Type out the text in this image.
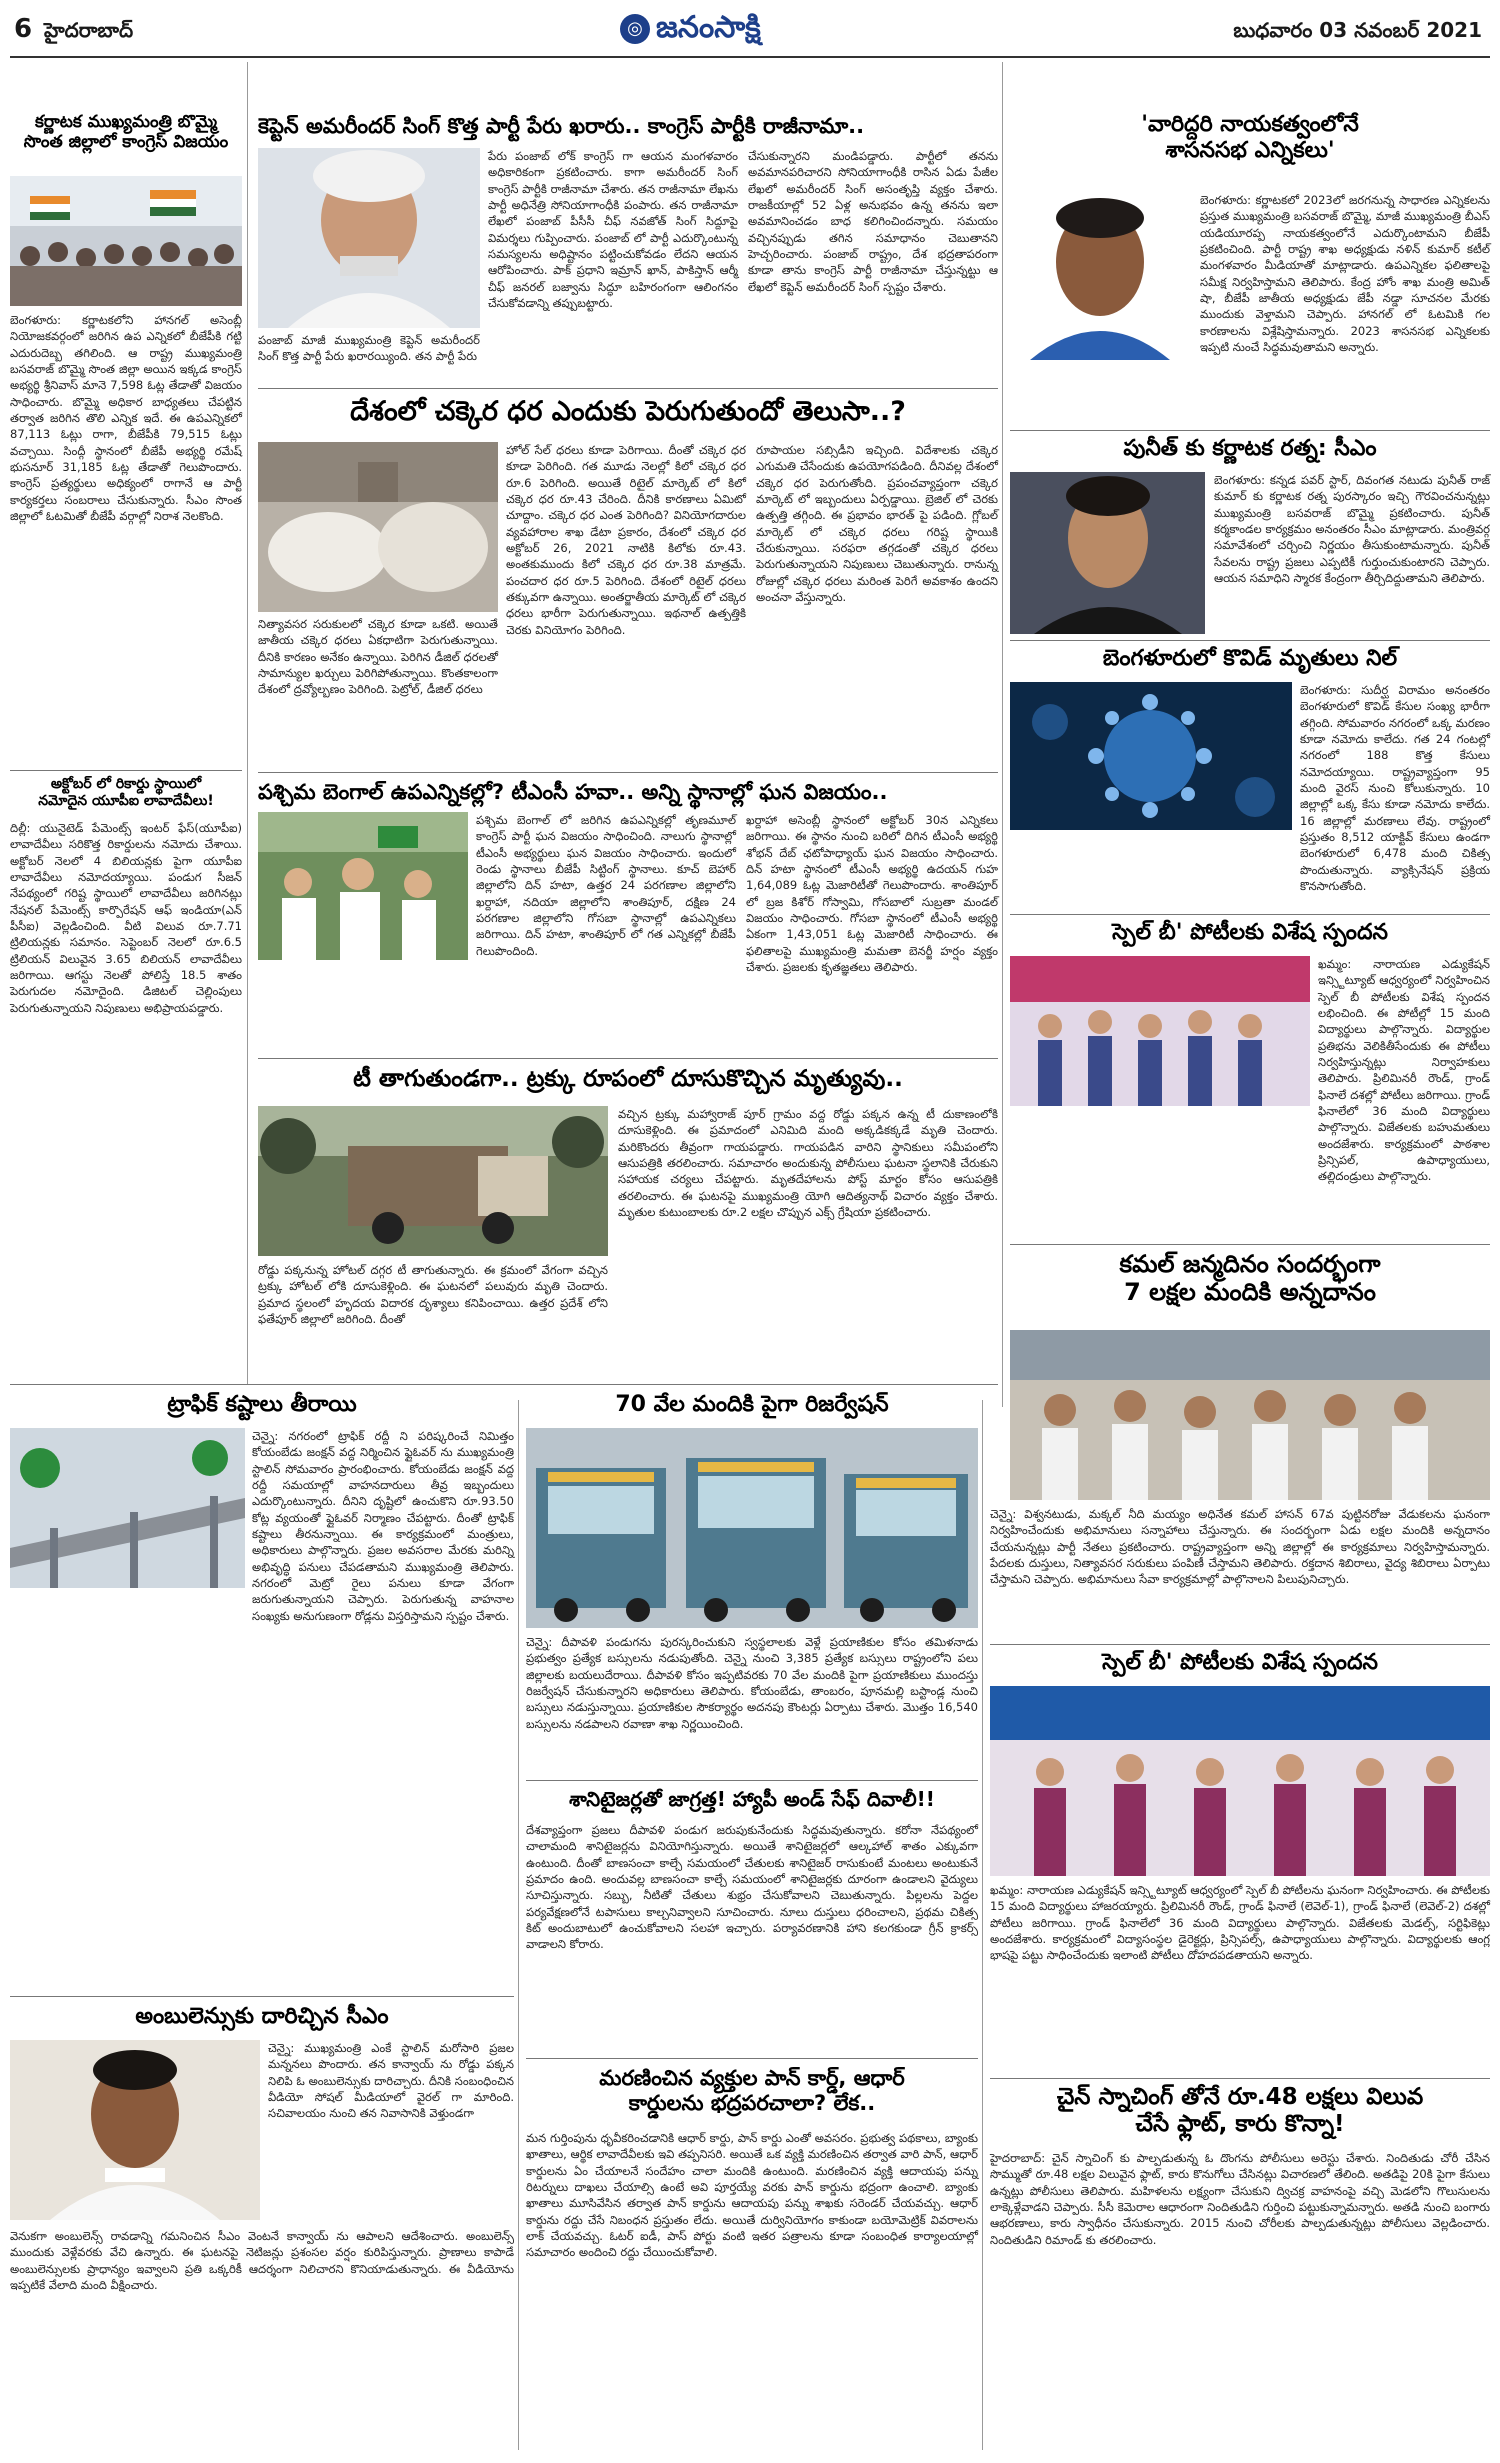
6 హైదరాబాద్	◎ జనంసాక్షి	బుధవారం 03 నవంబర్ 2021
కర్ణాటక ముఖ్యమంత్రి బొమ్మై
సొంత జిల్లాలో కాంగ్రెస్ విజయం
బెంగళూరు: కర్ణాటకలోని హానగల్ అసెంబ్లీ నియోజకవర్గంలో జరిగిన ఉప ఎన్నికలో బీజేపీకి గట్టి ఎదురుదెబ్బ తగిలింది. ఆ రాష్ట్ర ముఖ్యమంత్రి బసవరాజ్ బొమ్మై సొంత జిల్లా అయిన ఇక్కడ కాంగ్రెస్ అభ్యర్థి శ్రీనివాస్ మానె 7,598 ఓట్ల తేడాతో విజయం సాధించారు. బొమ్మై అధికార బాధ్యతలు చేపట్టిన తర్వాత జరిగిన తొలి ఎన్నిక ఇదే. ఈ ఉపఎన్నికలో 87,113 ఓట్లు రాగా, బీజేపీకి 79,515 ఓట్లు వచ్చాయి. సింద్గీ స్థానంలో బీజేపీ అభ్యర్థి రమేష్ భుసనూర్ 31,185 ఓట్ల తేడాతో గెలుపొందారు. కాంగ్రెస్ ప్రత్యర్థులు అధిక్యంలో రాగానే ఆ పార్టీ కార్యకర్తలు సంబరాలు చేసుకున్నారు. సీఎం సొంత జిల్లాలో ఓటమితో బీజేపీ వర్గాల్లో నిరాశ నెలకొంది.
అక్టోబర్ లో రికార్డు స్థాయిలో
నమోదైన యూపీఐ లావాదేవీలు!
దిల్లీ: యునైటెడ్ పేమెంట్స్ ఇంటర్ ఫేస్(యూపీఐ) లావాదేవీలు సరికొత్త రికార్డులను నమోదు చేశాయి. అక్టోబర్ నెలలో 4 బిలియన్లకు పైగా యూపీఐ లావాదేవీలు నమోదయ్యాయి. పండుగ సీజన్ నేపథ్యంలో గరిష్ట స్థాయిలో లావాదేవీలు జరిగినట్లు నేషనల్ పేమెంట్స్ కార్పొరేషన్ ఆఫ్ ఇండియా(ఎన్ పీసీఐ) వెల్లడించింది. వీటి విలువ రూ.7.71 ట్రిలియన్లకు సమానం. సెప్టెంబర్ నెలలో రూ.6.5 ట్రిలియన్ విలువైన 3.65 బిలియన్ లావాదేవీలు జరిగాయి. ఆగస్టు నెలతో పోలిస్తే 18.5 శాతం పెరుగుదల నమోదైంది. డిజిటల్ చెల్లింపులు పెరుగుతున్నాయని నిపుణులు అభిప్రాయపడ్డారు.
కెప్టెన్ అమరీందర్ సింగ్ కొత్త పార్టీ పేరు ఖరారు.. కాంగ్రెస్ పార్టీకి రాజీనామా..
పంజాబ్ మాజీ ముఖ్యమంత్రి కెప్టెన్ అమరీందర్ సింగ్ కొత్త పార్టీ పేరు ఖరారయ్యింది. తన పార్టీ పేరు
పేరు పంజాబ్ లోక్ కాంగ్రెస్ గా ఆయన మంగళవారం అధికారికంగా ప్రకటించారు. కాగా అమరీందర్ సింగ్ కాంగ్రెస్ పార్టీకి రాజీనామా చేశారు. తన రాజీనామా లేఖను పార్టీ అధినేత్రి సోనియాగాంధీకి పంపారు. తన రాజీనామా లేఖలో పంజాబ్ పీసీసీ చీఫ్ నవజోత్ సింగ్ సిద్దూపై విమర్శలు గుప్పించారు. పంజాబ్ లో పార్టీ ఎదుర్కొంటున్న సమస్యలను అధిష్టానం పట్టించుకోవడం లేదని ఆయన ఆరోపించారు. పాక్ ప్రధాని ఇమ్రాన్ ఖాన్, పాకిస్తాన్ ఆర్మీ చీఫ్ జనరల్ బజ్వాను సిద్ధూ బహిరంగంగా ఆలింగనం చేసుకోవడాన్ని తప్పుబట్టారు.
చేసుకున్నారని మండిపడ్డారు. పార్టీలో తనను అవమానపరిచారని సోనియాగాంధీకి రాసిన ఏడు పేజీల లేఖలో అమరీందర్ సింగ్ అసంతృప్తి వ్యక్తం చేశారు. రాజకీయాల్లో 52 ఏళ్ల అనుభవం ఉన్న తనను ఇలా అవమానించడం బాధ కలిగించిందన్నారు. సమయం వచ్చినప్పుడు తగిన సమాధానం చెబుతానని హెచ్చరించారు. పంజాబ్ రాష్ట్రం, దేశ భద్రతాపరంగా కూడా తాను కాంగ్రెస్ పార్టీ రాజీనామా చేస్తున్నట్టు ఆ లేఖలో కెప్టెన్ అమరీందర్ సింగ్ స్పష్టం చేశారు.
దేశంలో చక్కెర ధర ఎందుకు పెరుగుతుందో తెలుసా..?
నిత్యావసర సరుకులలో చక్కెర కూడా ఒకటి. అయితే జాతీయ చక్కెర ధరలు ఏకధాటిగా పెరుగుతున్నాయి. దీనికి కారణం అనేకం ఉన్నాయి. పెరిగిన డీజిల్ ధరలతో సామాన్యుల ఖర్చులు పెరిగిపోతున్నాయి. కొంతకాలంగా దేశంలో ద్రవ్యోల్బణం పెరిగింది. పెట్రోల్, డీజిల్ ధరలు
హోల్ సేల్ ధరలు కూడా పెరిగాయి. దీంతో చక్కెర ధర కూడా పెరిగింది. గత మూడు నెలల్లో కిలో చక్కెర ధర రూ.6 పెరిగింది. అయితే రిటైల్ మార్కెట్ లో కిలో చక్కెర ధర రూ.43 చేరింది. దీనికి కారణాలు ఏమిటో చూద్దాం. చక్కెర ధర ఎంత పెరిగింది? వినియోగదారుల వ్యవహారాల శాఖ డేటా ప్రకారం, దేశంలో చక్కెర ధర అక్టోబర్ 26, 2021 నాటికి కిలోకు రూ.43. అంతకుముందు కిలో చక్కెర ధర రూ.38 మాత్రమే. పంచదార ధర రూ.5 పెరిగింది. దేశంలో రిటైల్ ధరలు తక్కువగా ఉన్నాయి. అంతర్జాతీయ మార్కెట్ లో చక్కెర ధరలు భారీగా పెరుగుతున్నాయి. ఇథనాల్ ఉత్పత్తికి చెరకు వినియోగం పెరిగింది.
రూపాయల సబ్సిడీని ఇచ్చింది. విదేశాలకు చక్కెర ఎగుమతి చేసేందుకు ఉపయోగపడింది. దీనివల్ల దేశంలో చక్కెర ధర పెరుగుతోంది. ప్రపంచవ్యాప్తంగా చక్కెర మార్కెట్ లో ఇబ్బందులు ఏర్పడ్డాయి. బ్రెజిల్ లో చెరకు ఉత్పత్తి తగ్గింది. ఈ ప్రభావం భారత్ పై పడింది. గ్లోబల్ మార్కెట్ లో చక్కెర ధరలు గరిష్ట స్థాయికి చేరుకున్నాయి. సరఫరా తగ్గడంతో చక్కెర ధరలు పెరుగుతున్నాయని నిపుణులు చెబుతున్నారు. రానున్న రోజుల్లో చక్కెర ధరలు మరింత పెరిగే అవకాశం ఉందని అంచనా వేస్తున్నారు.
పశ్చిమ బెంగాల్ ఉపఎన్నికల్లో? టీఎంసీ హవా.. అన్ని స్థానాల్లో ఘన విజయం..
పశ్చిమ బెంగాల్ లో జరిగిన ఉపఎన్నికల్లో తృణమూల్ కాంగ్రెస్ పార్టీ ఘన విజయం సాధించింది. నాలుగు స్థానాల్లో టీఎంసీ అభ్యర్థులు ఘన విజయం సాధించారు. ఇందులో రెండు స్థానాలు బీజేపీ సిట్టింగ్ స్థానాలు. కూచ్ బెహార్ జిల్లాలోని దిన్ హటా, ఉత్తర 24 పరగణాల జిల్లాలోని ఖర్దాహా, నదియా జిల్లాలోని శాంతిపూర్, దక్షిణ 24 పరగణాల జిల్లాలోని గోసబా స్థానాల్లో ఉపఎన్నికలు జరిగాయి. దిన్ హటా, శాంతిపూర్ లో గత ఎన్నికల్లో బీజేపీ గెలుపొందింది.
ఖర్దాహా అసెంబ్లీ స్థానంలో అక్టోబర్ 30న ఎన్నికలు జరిగాయి. ఈ స్థానం నుంచి బరిలో దిగిన టీఎంసీ అభ్యర్థి శోభన్ దేబ్ ఛటోపాధ్యాయ్ ఘన విజయం సాధించారు. దిన్ హటా స్థానంలో టీఎంసీ అభ్యర్థి ఉదయన్ గుహ 1,64,089 ఓట్ల మెజారిటీతో గెలుపొందారు. శాంతిపూర్ లో బ్రజ కిశోర్ గోస్వామి, గోసబాలో సుబ్రతా మండల్ విజయం సాధించారు. గోసబా స్థానంలో టీఎంసీ అభ్యర్థి ఏకంగా 1,43,051 ఓట్ల మెజారిటీ సాధించారు. ఈ ఫలితాలపై ముఖ్యమంత్రి మమతా బెనర్జీ హర్షం వ్యక్తం చేశారు. ప్రజలకు కృతజ్ఞతలు తెలిపారు.
టీ తాగుతుండగా.. ట్రక్కు రూపంలో దూసుకొచ్చిన మృత్యువు..
రోడ్డు పక్కనున్న హోటల్ దగ్గర టీ తాగుతున్నారు. ఈ క్రమంలో వేగంగా వచ్చిన ట్రక్కు హోటల్ లోకి దూసుకెళ్లింది. ఈ ఘటనలో పలువురు మృతి చెందారు. ప్రమాద స్థలంలో హృదయ విదారక దృశ్యాలు కనిపించాయి. ఉత్తర ప్రదేశ్ లోని ఫతేపూర్ జిల్లాలో జరిగింది. దీంతో
వచ్చిన ట్రక్కు మహ్వారాజ్ పూర్ గ్రామం వద్ద రోడ్డు పక్కన ఉన్న టీ దుకాణంలోకి దూసుకెళ్లింది. ఈ ప్రమాదంలో ఎనిమిది మంది అక్కడికక్కడే మృతి చెందారు. మరికొందరు తీవ్రంగా గాయపడ్డారు. గాయపడిన వారిని స్థానికులు సమీపంలోని ఆసుపత్రికి తరలించారు. సమాచారం అందుకున్న పోలీసులు ఘటనా స్థలానికి చేరుకుని సహాయక చర్యలు చేపట్టారు. మృతదేహాలను పోస్ట్ మార్టం కోసం ఆసుపత్రికి తరలించారు. ఈ ఘటనపై ముఖ్యమంత్రి యోగి ఆదిత్యనాథ్ విచారం వ్యక్తం చేశారు. మృతుల కుటుంబాలకు రూ.2 లక్షల చొప్పున ఎక్స్ గ్రేషియా ప్రకటించారు.
'వారిద్దరి నాయకత్వంలోనే
శాసనసభ ఎన్నికలు'
బెంగళూరు: కర్ణాటకలో 2023లో జరగనున్న సాధారణ ఎన్నికలను ప్రస్తుత ముఖ్యమంత్రి బసవరాజ్ బొమ్మై, మాజీ ముఖ్యమంత్రి బీఎస్ యడియూరప్ప నాయకత్వంలోనే ఎదుర్కొంటామని బీజేపీ ప్రకటించింది. పార్టీ రాష్ట్ర శాఖ అధ్యక్షుడు నళిన్ కుమార్ కటీల్ మంగళవారం మీడియాతో మాట్లాడారు. ఉపఎన్నికల ఫలితాలపై సమీక్ష నిర్వహిస్తామని తెలిపారు. కేంద్ర హోం శాఖ మంత్రి అమిత్ షా, బీజేపీ జాతీయ అధ్యక్షుడు జేపీ నడ్డా సూచనల మేరకు ముందుకు వెళ్తామని చెప్పారు. హానగల్ లో ఓటమికి గల కారణాలను విశ్లేషిస్తామన్నారు. 2023 శాసనసభ ఎన్నికలకు ఇప్పటి నుంచే సిద్ధమవుతామని అన్నారు.
పునీత్ కు కర్ణాటక రత్న: సీఎం
బెంగళూరు: కన్నడ పవర్ స్టార్, దివంగత నటుడు పునీత్ రాజ్ కుమార్ కు కర్ణాటక రత్న పురస్కారం ఇచ్చి గౌరవించనున్నట్లు ముఖ్యమంత్రి బసవరాజ్ బొమ్మై ప్రకటించారు. పునీత్ కర్మకాండల కార్యక్రమం అనంతరం సీఎం మాట్లాడారు. మంత్రివర్గ సమావేశంలో చర్చించి నిర్ణయం తీసుకుంటామన్నారు. పునీత్ సేవలను రాష్ట్ర ప్రజలు ఎప్పటికీ గుర్తుంచుకుంటారని చెప్పారు. ఆయన సమాధిని స్మారక కేంద్రంగా తీర్చిదిద్దుతామని తెలిపారు.
బెంగళూరులో కొవిడ్ మృతులు నిల్
బెంగళూరు: సుదీర్ఘ విరామం అనంతరం బెంగళూరులో కొవిడ్ కేసుల సంఖ్య భారీగా తగ్గింది. సోమవారం నగరంలో ఒక్క మరణం కూడా నమోదు కాలేదు. గత 24 గంటల్లో నగరంలో 188 కొత్త కేసులు నమోదయ్యాయి. రాష్ట్రవ్యాప్తంగా 95 మంది వైరస్ నుంచి కోలుకున్నారు. 10 జిల్లాల్లో ఒక్క కేసు కూడా నమోదు కాలేదు. 16 జిల్లాల్లో మరణాలు లేవు. రాష్ట్రంలో ప్రస్తుతం 8,512 యాక్టివ్ కేసులు ఉండగా బెంగళూరులో 6,478 మంది చికిత్స పొందుతున్నారు. వ్యాక్సినేషన్ ప్రక్రియ కొనసాగుతోంది.
స్పెల్ బీ' పోటీలకు విశేష స్పందన
ఖమ్మం: నారాయణ ఎడ్యుకేషన్ ఇన్స్టిట్యూట్ ఆధ్వర్యంలో నిర్వహించిన స్పెల్ బీ పోటీలకు విశేష స్పందన లభించింది. ఈ పోటీల్లో 15 మంది విద్యార్థులు పాల్గొన్నారు. విద్యార్థుల ప్రతిభను వెలికితీసేందుకు ఈ పోటీలు నిర్వహిస్తున్నట్లు నిర్వాహకులు తెలిపారు. ప్రిలిమినరీ రౌండ్, గ్రాండ్ ఫినాలే దశల్లో పోటీలు జరిగాయి. గ్రాండ్ ఫినాలేలో 36 మంది విద్యార్థులు పాల్గొన్నారు. విజేతలకు బహుమతులు అందజేశారు. కార్యక్రమంలో పాఠశాల ప్రిన్సిపల్, ఉపాధ్యాయులు, తల్లిదండ్రులు పాల్గొన్నారు.
కమల్ జన్మదినం సందర్భంగా
7 లక్షల మందికి అన్నదానం
ట్రాఫిక్ కష్టాలు తీరాయి
చెన్నై: నగరంలో ట్రాఫిక్ రద్దీ ని పరిష్కరించే నిమిత్తం కోయంబేడు జంక్షన్ వద్ద నిర్మించిన ఫ్లైఓవర్ ను ముఖ్యమంత్రి స్టాలిన్ సోమవారం ప్రారంభించారు. కోయంబేడు జంక్షన్ వద్ద రద్దీ సమయాల్లో వాహనదారులు తీవ్ర ఇబ్బందులు ఎదుర్కొంటున్నారు. దీనిని దృష్టిలో ఉంచుకొని రూ.93.50 కోట్ల వ్యయంతో ఫ్లైఓవర్ నిర్మాణం చేపట్టారు. దీంతో ట్రాఫిక్ కష్టాలు తీరనున్నాయి. ఈ కార్యక్రమంలో మంత్రులు, అధికారులు పాల్గొన్నారు. ప్రజల అవసరాల మేరకు మరిన్ని అభివృద్ధి పనులు చేపడతామని ముఖ్యమంత్రి తెలిపారు. నగరంలో మెట్రో రైలు పనులు కూడా వేగంగా జరుగుతున్నాయని చెప్పారు. పెరుగుతున్న వాహనాల సంఖ్యకు అనుగుణంగా రోడ్లను విస్తరిస్తామని స్పష్టం చేశారు.
అంబులెన్సుకు దారిచ్చిన సీఎం
చెన్నై: ముఖ్యమంత్రి ఎంకే స్టాలిన్ మరోసారి ప్రజల మన్ననలు పొందారు. తన కాన్వాయ్ ను రోడ్డు పక్కన నిలిపి ఓ అంబులెన్సుకు దారిచ్చారు. దీనికి సంబంధించిన వీడియో సోషల్ మీడియాలో వైరల్ గా మారింది. సచివాలయం నుంచి తన నివాసానికి వెళ్తుండగా
వెనుకగా అంబులెన్స్ రావడాన్ని గమనించిన సీఎం వెంటనే కాన్వాయ్ ను ఆపాలని ఆదేశించారు. అంబులెన్స్ ముందుకు వెళ్లేవరకు వేచి ఉన్నారు. ఈ ఘటనపై నెటిజన్లు ప్రశంసల వర్షం కురిపిస్తున్నారు. ప్రాణాలు కాపాడే అంబులెన్సులకు ప్రాధాన్యం ఇవ్వాలని ప్రతి ఒక్కరికీ ఆదర్శంగా నిలిచారని కొనియాడుతున్నారు. ఈ వీడియోను ఇప్పటికే వేలాది మంది వీక్షించారు.
70 వేల మందికి పైగా రిజర్వేషన్
చెన్నై: దీపావళి పండుగను పురస్కరించుకుని స్వస్థలాలకు వెళ్లే ప్రయాణికుల కోసం తమిళనాడు ప్రభుత్వం ప్రత్యేక బస్సులను నడుపుతోంది. చెన్నై నుంచి 3,385 ప్రత్యేక బస్సులు రాష్ట్రంలోని పలు జిల్లాలకు బయలుదేరాయి. దీపావళి కోసం ఇప్పటివరకు 70 వేల మందికి పైగా ప్రయాణికులు ముందస్తు రిజర్వేషన్ చేసుకున్నారని అధికారులు తెలిపారు. కోయంబేడు, తాంబరం, పూనమల్లి బస్టాండ్ల నుంచి బస్సులు నడుస్తున్నాయి. ప్రయాణికుల సౌకర్యార్థం అదనపు కౌంటర్లు ఏర్పాటు చేశారు. మొత్తం 16,540 బస్సులను నడపాలని రవాణా శాఖ నిర్ణయించింది.
శానిటైజర్లతో జాగ్రత్త! హ్యాపీ అండ్ సేఫ్ దివాలీ!!
దేశవ్యాప్తంగా ప్రజలు దీపావళి పండుగ జరుపుకునేందుకు సిద్ధమవుతున్నారు. కరోనా నేపథ్యంలో చాలామంది శానిటైజర్లను వినియోగిస్తున్నారు. అయితే శానిటైజర్లలో ఆల్కహాల్ శాతం ఎక్కువగా ఉంటుంది. దీంతో బాణసంచా కాల్చే సమయంలో చేతులకు శానిటైజర్ రాసుకుంటే మంటలు అంటుకునే ప్రమాదం ఉంది. అందువల్ల బాణసంచా కాల్చే సమయంలో శానిటైజర్లకు దూరంగా ఉండాలని వైద్యులు సూచిస్తున్నారు. సబ్బు, నీటితో చేతులు శుభ్రం చేసుకోవాలని చెబుతున్నారు. పిల్లలను పెద్దల పర్యవేక్షణలోనే టపాసులు కాల్చనివ్వాలని సూచించారు. నూలు దుస్తులు ధరించాలని, ప్రథమ చికిత్స కిట్ అందుబాటులో ఉంచుకోవాలని సలహా ఇచ్చారు. పర్యావరణానికి హాని కలగకుండా గ్రీన్ క్రాకర్స్ వాడాలని కోరారు.
మరణించిన వ్యక్తుల పాన్ కార్డ్, ఆధార్
కార్డులను భద్రపరచాలా? లేక..
మన గుర్తింపును ధృవీకరించడానికి ఆధార్ కార్డు, పాన్ కార్డు ఎంతో అవసరం. ప్రభుత్వ పథకాలు, బ్యాంకు ఖాతాలు, ఆర్థిక లావాదేవీలకు ఇవి తప్పనిసరి. అయితే ఒక వ్యక్తి మరణించిన తర్వాత వారి పాన్, ఆధార్ కార్డులను ఏం చేయాలనే సందేహం చాలా మందికి ఉంటుంది. మరణించిన వ్యక్తి ఆదాయపు పన్ను రిటర్నులు దాఖలు చేయాల్సి ఉంటే అవి పూర్తయ్యే వరకు పాన్ కార్డును భద్రంగా ఉంచాలి. బ్యాంకు ఖాతాలు మూసివేసిన తర్వాత పాన్ కార్డును ఆదాయపు పన్ను శాఖకు సరెండర్ చేయవచ్చు. ఆధార్ కార్డును రద్దు చేసే నిబంధన ప్రస్తుతం లేదు. అయితే దుర్వినియోగం కాకుండా బయోమెట్రిక్ వివరాలను లాక్ చేయవచ్చు. ఓటర్ ఐడీ, పాస్ పోర్టు వంటి ఇతర పత్రాలను కూడా సంబంధిత కార్యాలయాల్లో సమాచారం అందించి రద్దు చేయించుకోవాలి.
చెన్నై: విశ్వనటుడు, మక్కల్ నీది మయ్యం అధినేత కమల్ హాసన్ 67వ పుట్టినరోజు వేడుకలను ఘనంగా నిర్వహించేందుకు అభిమానులు సన్నాహాలు చేస్తున్నారు. ఈ సందర్భంగా ఏడు లక్షల మందికి అన్నదానం చేయనున్నట్లు పార్టీ నేతలు ప్రకటించారు. రాష్ట్రవ్యాప్తంగా అన్ని జిల్లాల్లో ఈ కార్యక్రమాలు నిర్వహిస్తామన్నారు. పేదలకు దుస్తులు, నిత్యావసర సరుకులు పంపిణీ చేస్తామని తెలిపారు. రక్తదాన శిబిరాలు, వైద్య శిబిరాలు ఏర్పాటు చేస్తామని చెప్పారు. అభిమానులు సేవా కార్యక్రమాల్లో పాల్గొనాలని పిలుపునిచ్చారు.
స్పెల్ బీ' పోటీలకు విశేష స్పందన
ఖమ్మం: నారాయణ ఎడ్యుకేషన్ ఇన్స్టిట్యూట్ ఆధ్వర్యంలో స్పెల్ బీ పోటీలను ఘనంగా నిర్వహించారు. ఈ పోటీలకు 15 మంది విద్యార్థులు హాజరయ్యారు. ప్రిలిమినరీ రౌండ్, గ్రాండ్ ఫినాలే (లెవెల్-1), గ్రాండ్ ఫినాలే (లెవెల్-2) దశల్లో పోటీలు జరిగాయి. గ్రాండ్ ఫినాలేలో 36 మంది విద్యార్థులు పాల్గొన్నారు. విజేతలకు మెడల్స్, సర్టిఫికెట్లు అందజేశారు. కార్యక్రమంలో విద్యాసంస్థల డైరెక్టర్లు, ప్రిన్సిపల్స్, ఉపాధ్యాయులు పాల్గొన్నారు. విద్యార్థులకు ఆంగ్ల భాషపై పట్టు సాధించేందుకు ఇలాంటి పోటీలు దోహదపడతాయని అన్నారు.
చైన్ స్నాచింగ్ తోనే రూ.48 లక్షలు విలువ
చేసే ఫ్లాట్, కారు కొన్నా!
హైదరాబాద్: చైన్ స్నాచింగ్ కు పాల్పడుతున్న ఓ దొంగను పోలీసులు అరెస్టు చేశారు. నిందితుడు చోరీ చేసిన సొమ్ముతో రూ.48 లక్షల విలువైన ఫ్లాట్, కారు కొనుగోలు చేసినట్లు విచారణలో తేలింది. అతడిపై 20కి పైగా కేసులు ఉన్నట్లు పోలీసులు తెలిపారు. మహిళలను లక్ష్యంగా చేసుకుని ద్విచక్ర వాహనంపై వచ్చి మెడలోని గొలుసులను లాక్కెళ్లేవాడని చెప్పారు. సీసీ కెమెరాల ఆధారంగా నిందితుడిని గుర్తించి పట్టుకున్నామన్నారు. అతడి నుంచి బంగారు ఆభరణాలు, కారు స్వాధీనం చేసుకున్నారు. 2015 నుంచి చోరీలకు పాల్పడుతున్నట్లు పోలీసులు వెల్లడించారు. నిందితుడిని రిమాండ్ కు తరలించారు.
